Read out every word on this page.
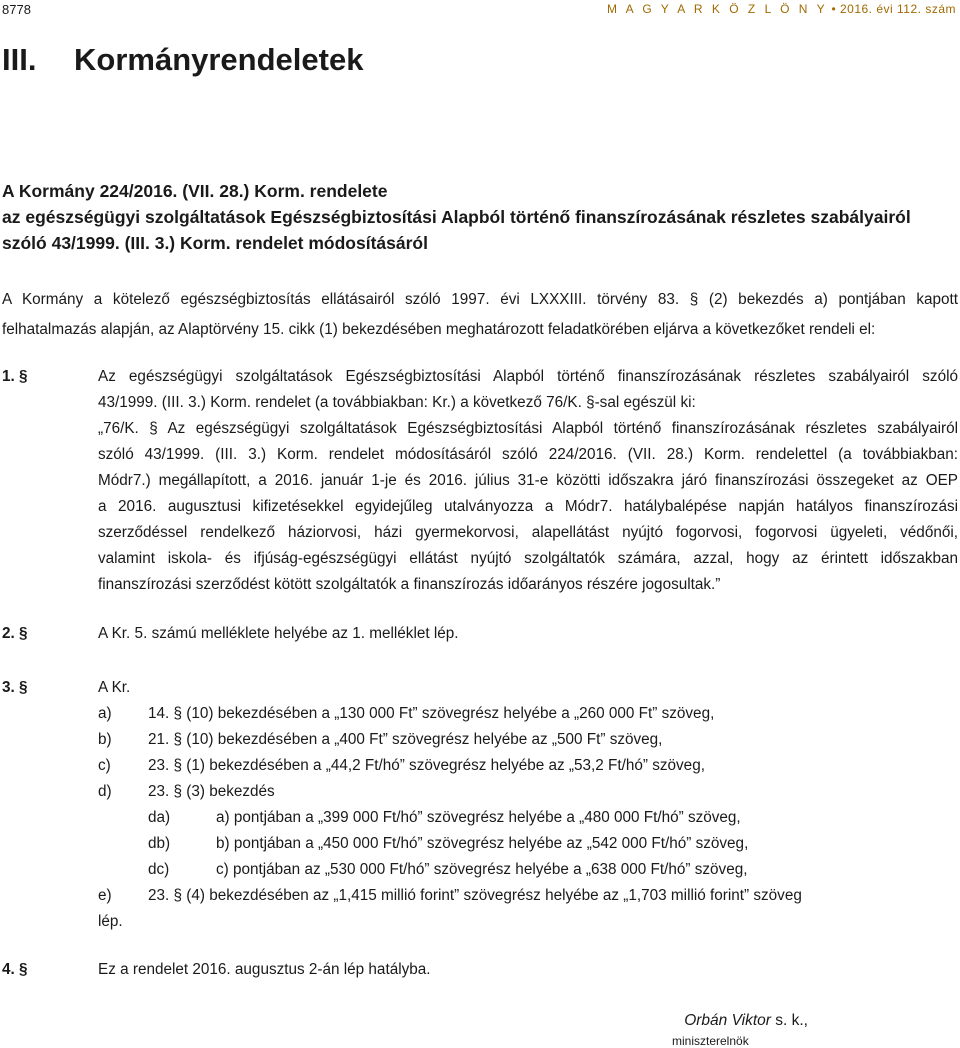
8778	M A G Y A R K Ö Z L Ö N Y • 2016. évi 112. szám
III. Kormányrendeletek
A Kormány 224/2016. (VII. 28.) Korm. rendelete
az egészségügyi szolgáltatások Egészségbiztosítási Alapból történő finanszírozásának részletes szabályairól
szóló 43/1999. (III. 3.) Korm. rendelet módosításáról
A Kormány a kötelező egészségbiztosítás ellátásairól szóló 1997. évi LXXXIII. törvény 83. § (2) bekezdés a) pontjában kapott
felhatalmazás alapján, az Alaptörvény 15. cikk (1) bekezdésében meghatározott feladatkörében eljárva a következőket rendeli el:
1. §	Az egészségügyi szolgáltatások Egészségbiztosítási Alapból történő finanszírozásának részletes szabályairól szóló
43/1999. (III. 3.) Korm. rendelet (a továbbiakban: Kr.) a következő 76/K. §-sal egészül ki:
„76/K. § Az egészségügyi szolgáltatások Egészségbiztosítási Alapból történő finanszírozásának részletes szabályairól
szóló 43/1999. (III. 3.) Korm. rendelet módosításáról szóló 224/2016. (VII. 28.) Korm. rendelettel (a továbbiakban:
Módr7.) megállapított, a 2016. január 1-je és 2016. július 31-e közötti időszakra járó finanszírozási összegeket az OEP
a 2016. augusztusi kifizetésekkel egyidejűleg utalványozza a Módr7. hatálybalépése napján hatályos finanszírozási
szerződéssel rendelkező háziorvosi, házi gyermekorvosi, alapellátást nyújtó fogorvosi, fogorvosi ügyeleti, védőnői,
valamint iskola- és ifjúság-egészségügyi ellátást nyújtó szolgáltatók számára, azzal, hogy az érintett időszakban
finanszírozási szerződést kötött szolgáltatók a finanszírozás időarányos részére jogosultak.”
2. §	A Kr. 5. számú melléklete helyébe az 1. melléklet lép.
3. §	A Kr.
a) 14. § (10) bekezdésében a „130 000 Ft” szövegrész helyébe a „260 000 Ft” szöveg,
b) 21. § (10) bekezdésében a „400 Ft” szövegrész helyébe az „500 Ft” szöveg,
c) 23. § (1) bekezdésében a „44,2 Ft/hó” szövegrész helyébe az „53,2 Ft/hó” szöveg,
d) 23. § (3) bekezdés
da)	a) pontjában a „399 000 Ft/hó” szövegrész helyébe a „480 000 Ft/hó” szöveg,
db)	b) pontjában a „450 000 Ft/hó” szövegrész helyébe az „542 000 Ft/hó” szöveg,
dc)	c) pontjában az „530 000 Ft/hó” szövegrész helyébe a „638 000 Ft/hó” szöveg,
e) 23. § (4) bekezdésében az „1,415 millió forint” szövegrész helyébe az „1,703 millió forint” szöveg
lép.
4. §	Ez a rendelet 2016. augusztus 2-án lép hatályba.
Orbán Viktor s. k.,
miniszterelnök
